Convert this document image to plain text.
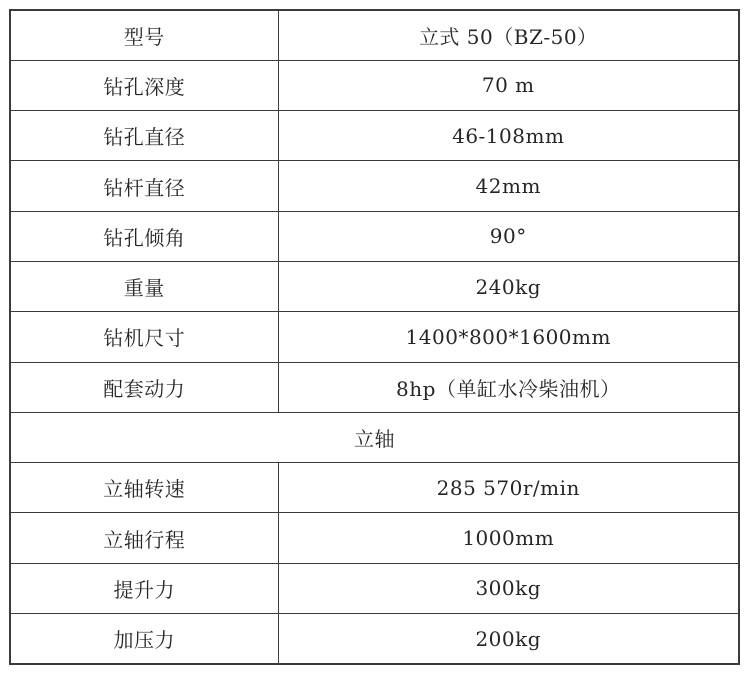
型号	立式 50（BZ-50）
钻孔深度	70 m
钻孔直径	46-108mm
钻杆直径	42mm
钻孔倾角	90°
重量	240kg
钻机尺寸	1400*800*1600mm
配套动力	8hp（单缸水冷柴油机）
立轴	
立轴转速	285 570r/min
立轴行程	1000mm
提升力	300kg
加压力	200kg
